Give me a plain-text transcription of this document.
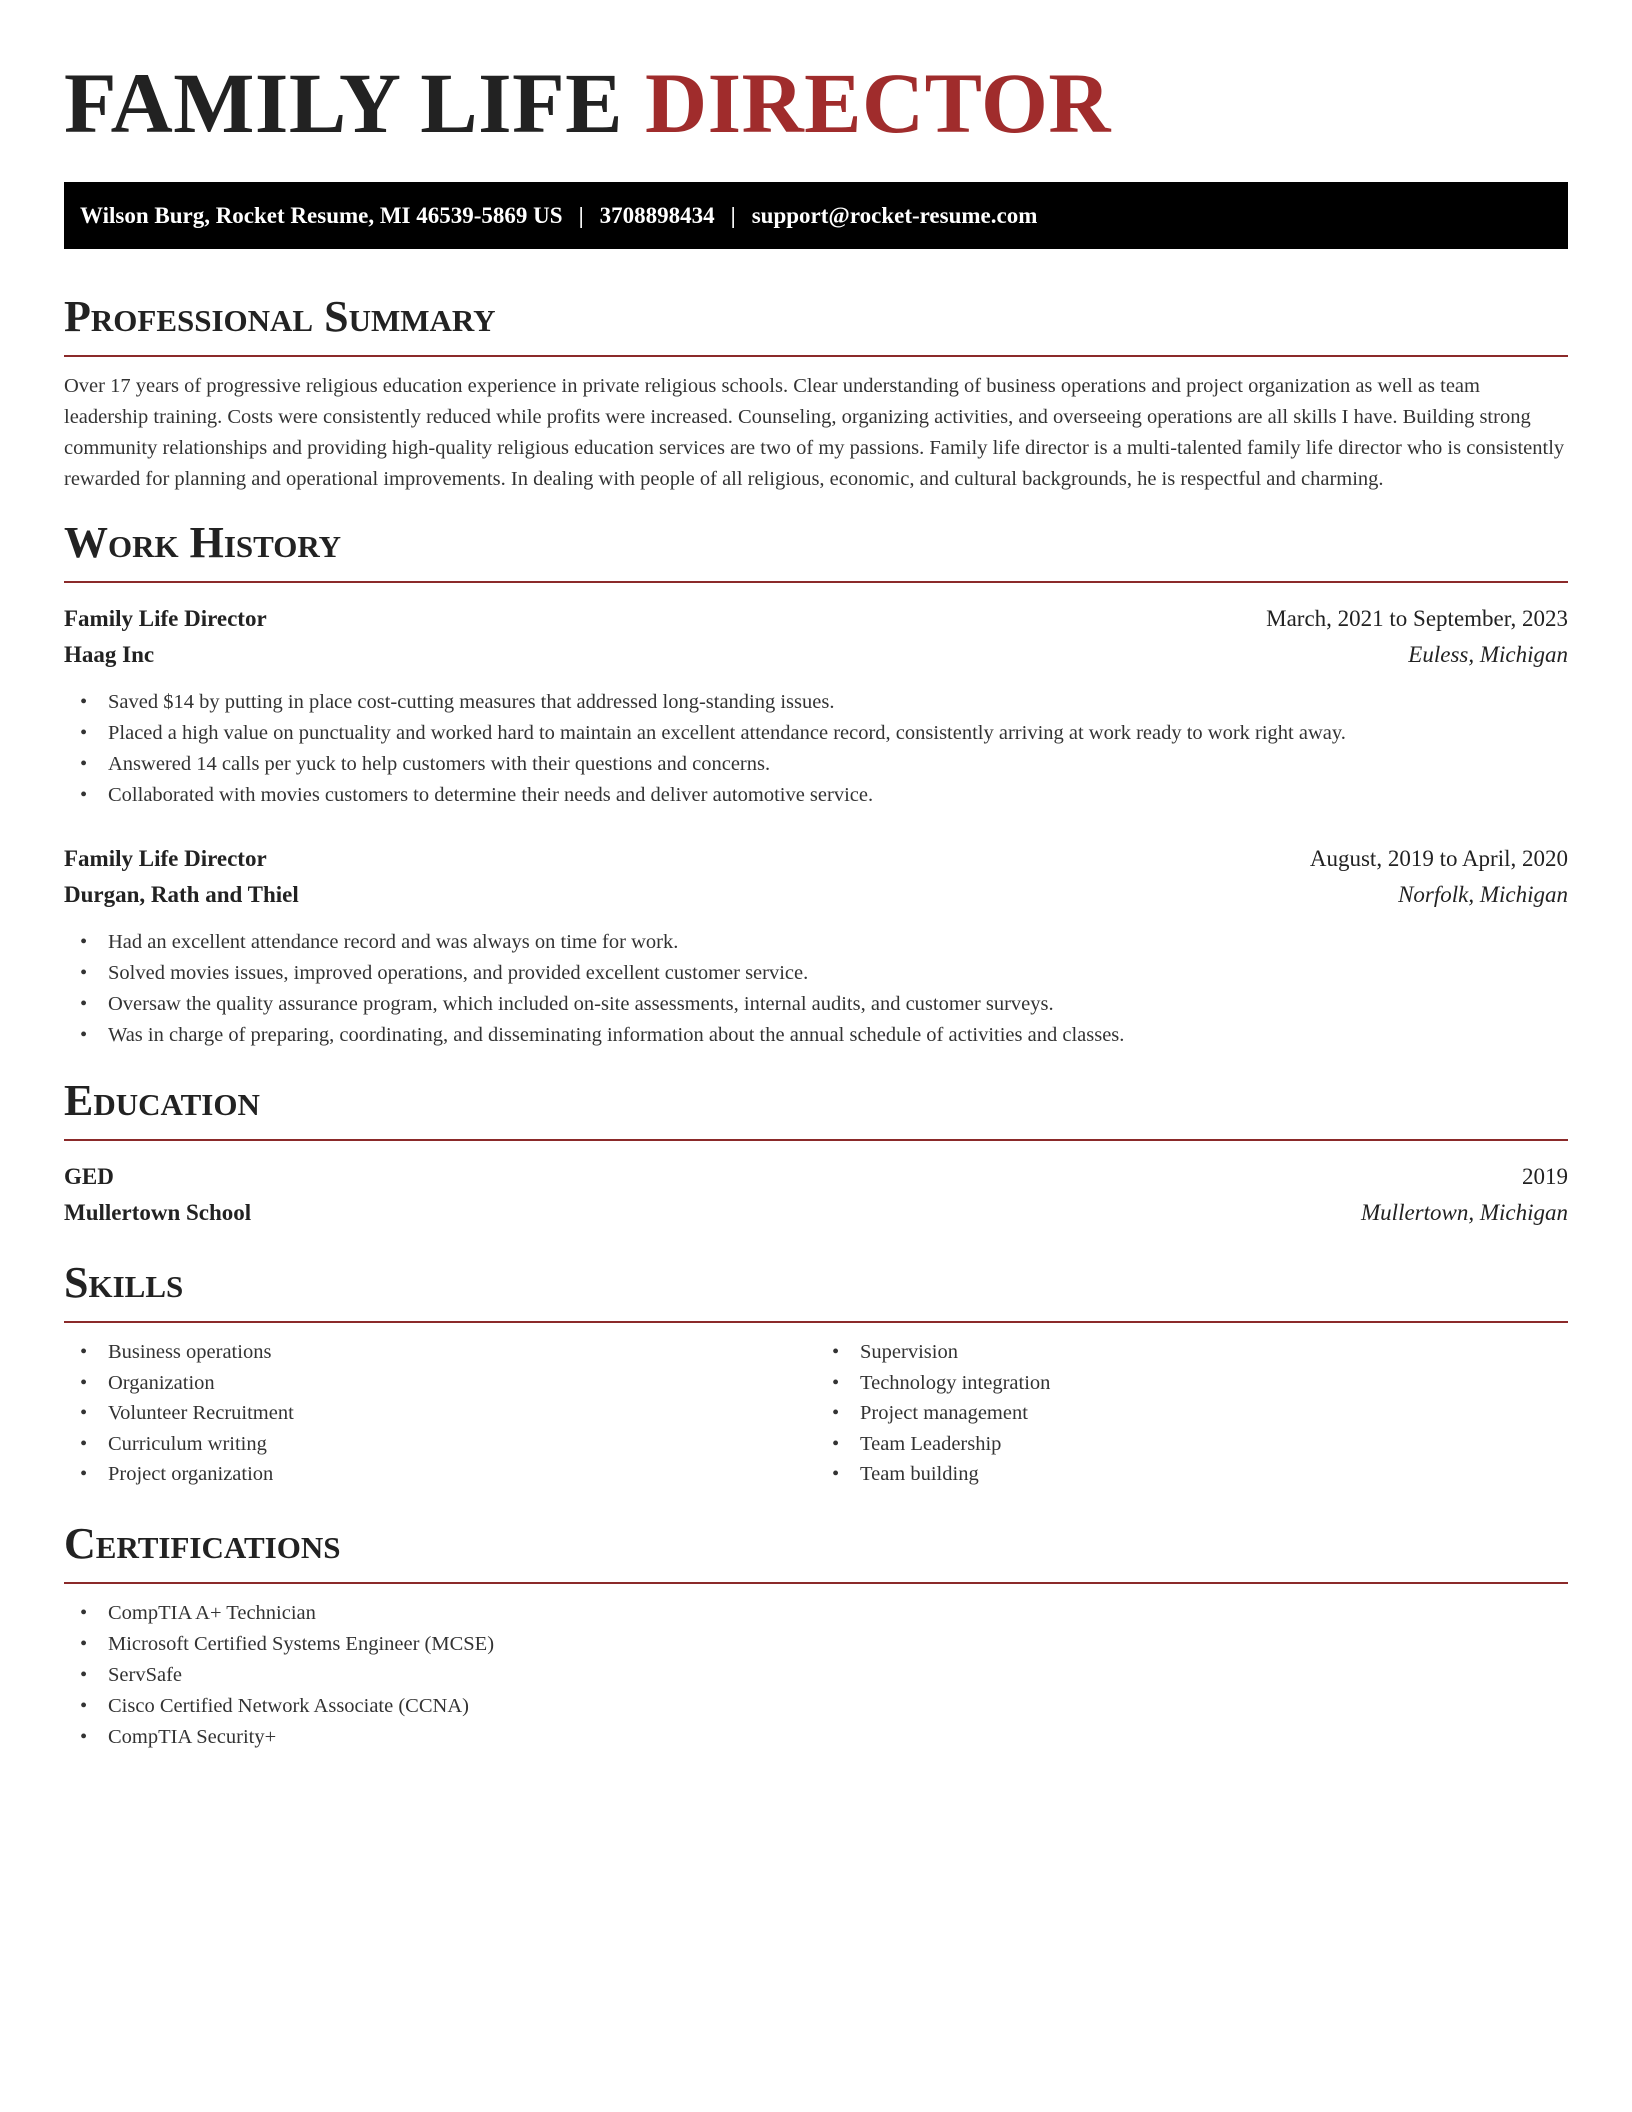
FAMILY LIFE DIRECTOR
Wilson Burg, Rocket Resume, MI 46539-5869 US | 3708898434 | support@rocket-resume.com
Professional Summary

Over 17 years of progressive religious education experience in private religious schools. Clear understanding of business operations and project organization as well as team leadership training. Costs were consistently reduced while profits were increased. Counseling, organizing activities, and overseeing operations are all skills I have. Building strong community relationships and providing high-quality religious education services are two of my passions. Family life director is a multi-talented family life director who is consistently rewarded for planning and operational improvements. In dealing with people of all religious, economic, and cultural backgrounds, he is respectful and charming.

Work History
Family Life Director	March, 2021 to September, 2023
Haag Inc	Euless, Michigan
• Saved $14 by putting in place cost-cutting measures that addressed long-standing issues.
• Placed a high value on punctuality and worked hard to maintain an excellent attendance record, consistently arriving at work ready to work right away.
• Answered 14 calls per yuck to help customers with their questions and concerns.
• Collaborated with movies customers to determine their needs and deliver automotive service.
Family Life Director	August, 2019 to April, 2020
Durgan, Rath and Thiel	Norfolk, Michigan
• Had an excellent attendance record and was always on time for work.
• Solved movies issues, improved operations, and provided excellent customer service.
• Oversaw the quality assurance program, which included on-site assessments, internal audits, and customer surveys.
• Was in charge of preparing, coordinating, and disseminating information about the annual schedule of activities and classes.
Education
GED	2019
Mullertown School	Mullertown, Michigan
Skills
• Business operations
• Organization
• Volunteer Recruitment
• Curriculum writing
• Project organization
• Supervision
• Technology integration
• Project management
• Team Leadership
• Team building
Certifications
• CompTIA A+ Technician
• Microsoft Certified Systems Engineer (MCSE)
• ServSafe
• Cisco Certified Network Associate (CCNA)
• CompTIA Security+
